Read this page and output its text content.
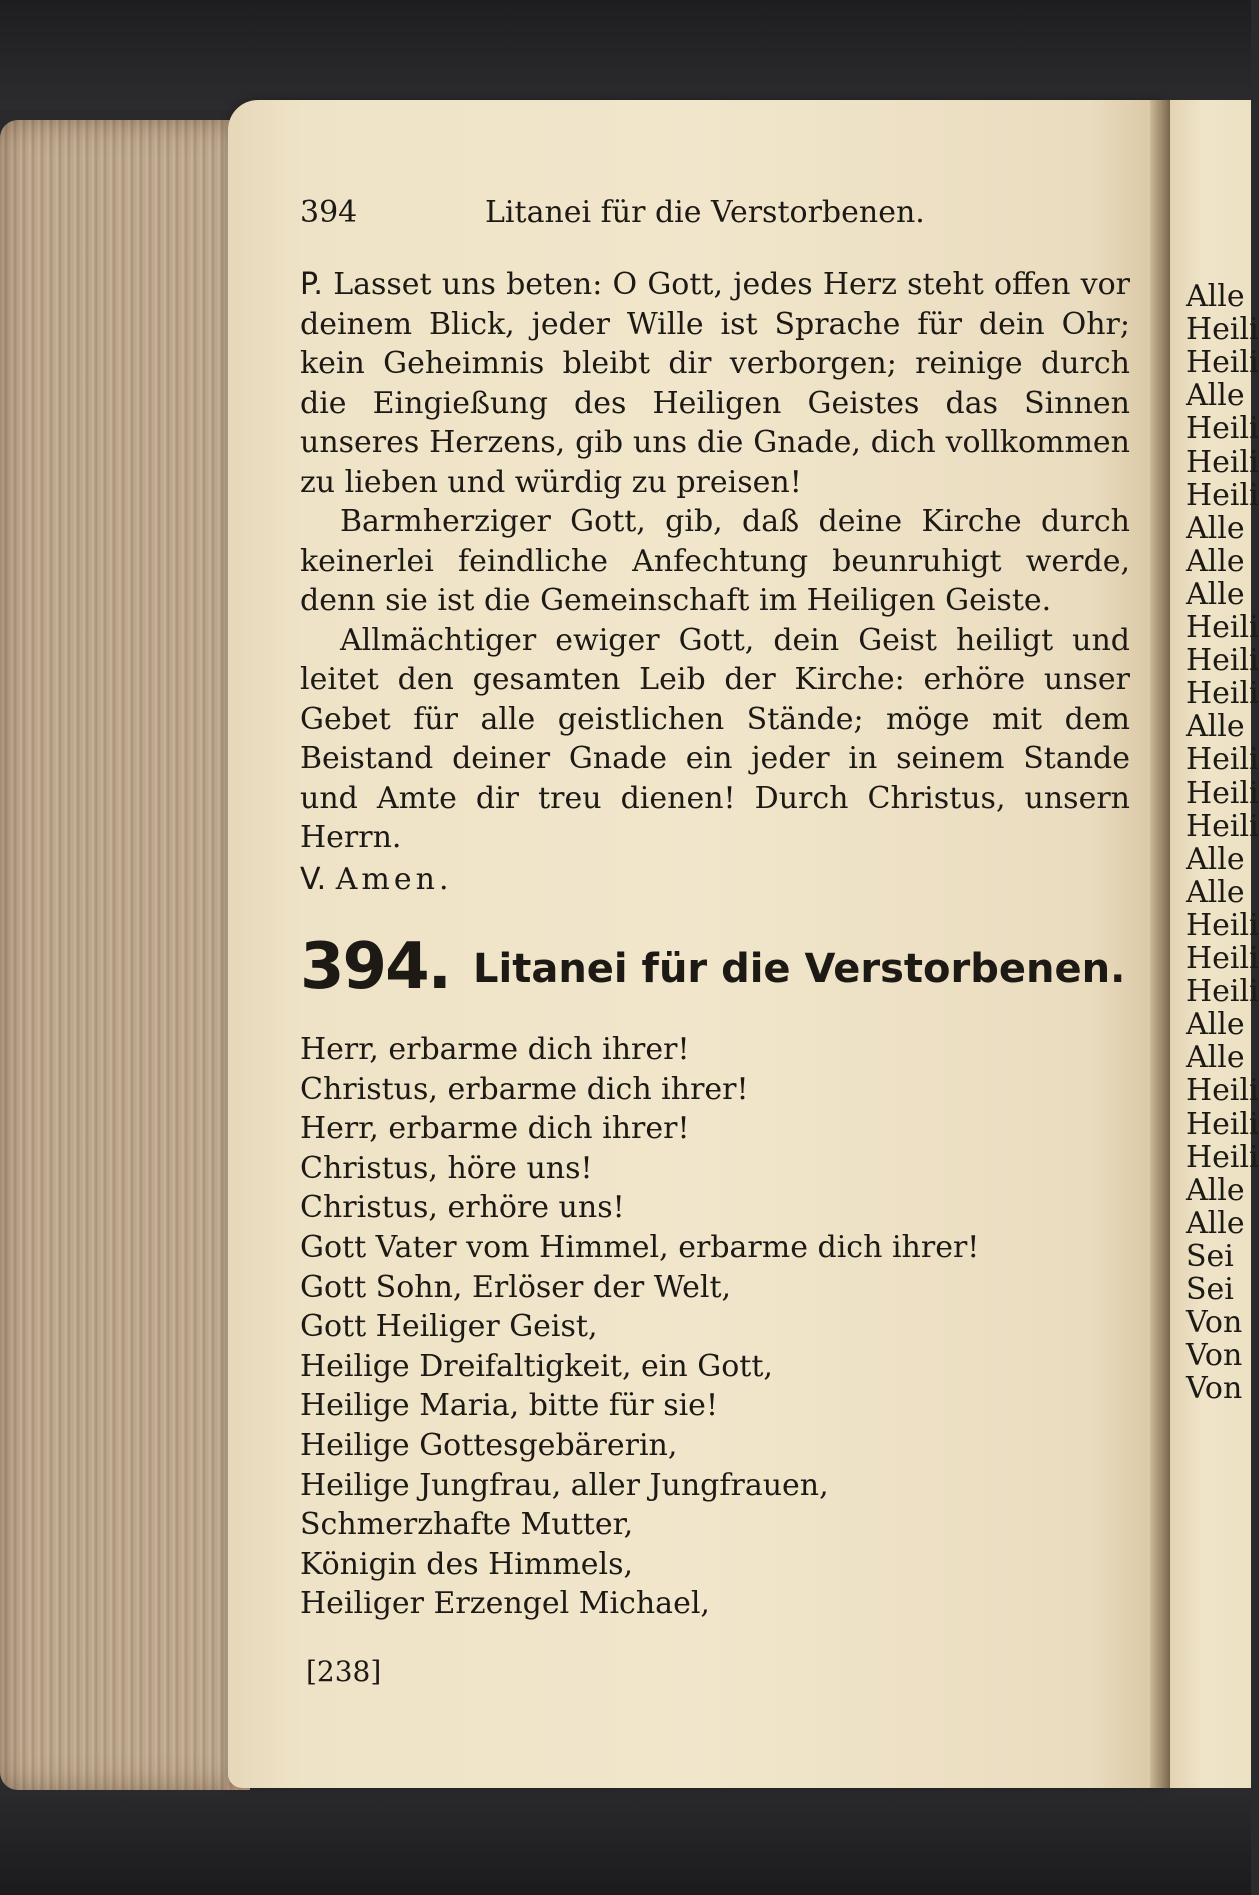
Alle
Heili
Heili
Alle
Heili
Heili
Heili
Alle
Alle
Alle
Heili
Heili
Heili
Alle
Heili
Heili
Heili
Alle
Alle
Heili
Heili
Heili
Alle
Alle
Heili
Heili
Heili
Alle
Alle
Sei
Sei
Von
Von
Von
394	Litanei für die Verstorbenen.

P. Lasset uns beten: O Gott, jedes Herz steht offen vor deinem Blick, jeder Wille ist Sprache für dein Ohr; kein Geheimnis bleibt dir verborgen; reinige durch die Eingießung des Heiligen Geistes das Sinnen unseres Herzens, gib uns die Gnade, dich vollkommen zu lieben und würdig zu preisen!

Barmherziger Gott, gib, daß deine Kirche durch keinerlei feindliche Anfechtung beunruhigt werde, denn sie ist die Gemeinschaft im Heiligen Geiste.

Allmächtiger ewiger Gott, dein Geist heiligt und leitet den gesamten Leib der Kirche: erhöre unser Gebet für alle geistlichen Stände; möge mit dem Beistand deiner Gnade ein jeder in seinem Stande und Amte dir treu dienen! Durch Christus, unsern Herrn.

V. Amen.

394. Litanei für die Verstorbenen.
Herr, erbarme dich ihrer!
Christus, erbarme dich ihrer!
Herr, erbarme dich ihrer!
Christus, höre uns!
Christus, erhöre uns!
Gott Vater vom Himmel, erbarme dich ihrer!
Gott Sohn, Erlöser der Welt,
Gott Heiliger Geist,
Heilige Dreifaltigkeit, ein Gott,
Heilige Maria, bitte für sie!
Heilige Gottesgebärerin,
Heilige Jungfrau, aller Jungfrauen,
Schmerzhafte Mutter,
Königin des Himmels,
Heiliger Erzengel Michael,
[238]
